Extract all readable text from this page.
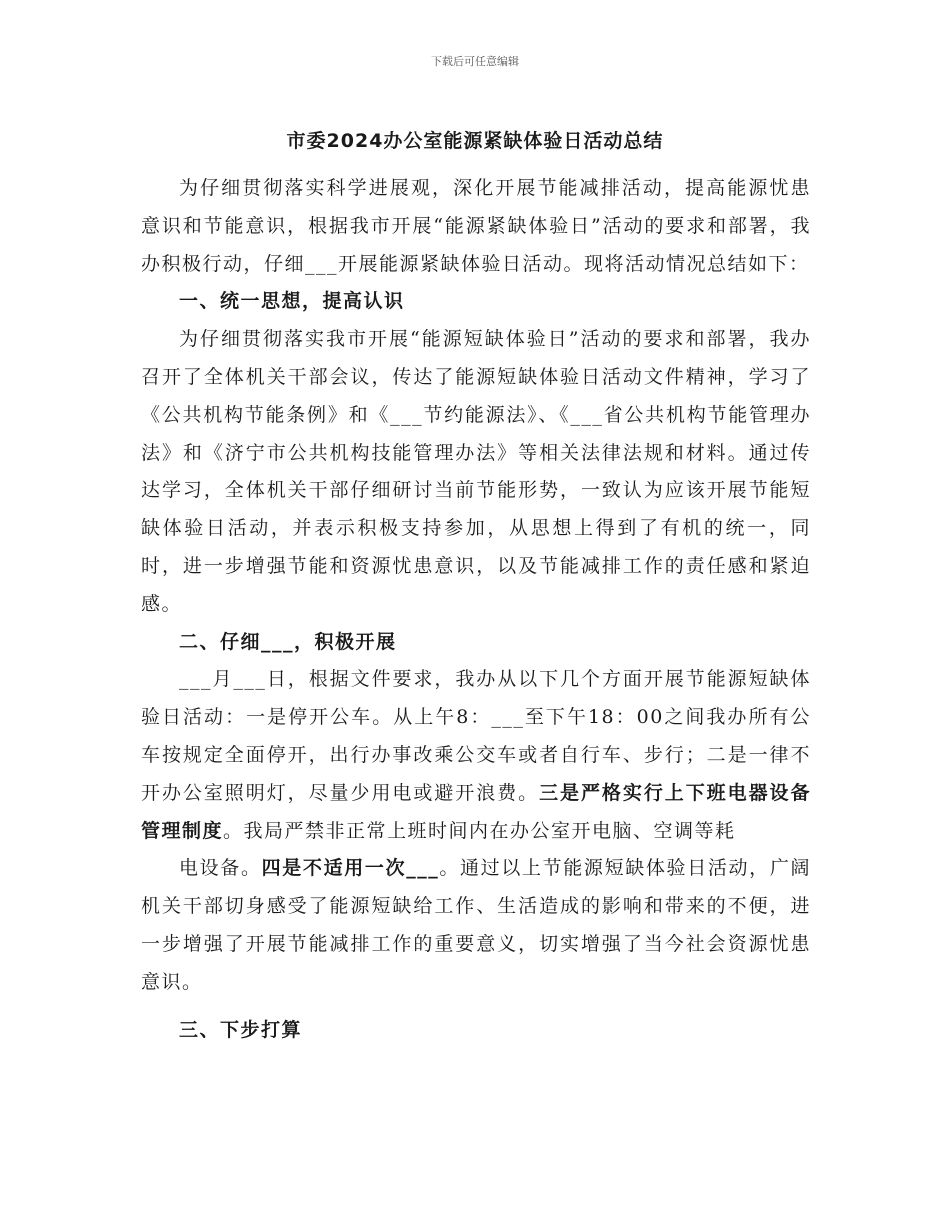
下载后可任意编辑
市委2024办公室能源紧缺体验日活动总结

为仔细贯彻落实科学进展观，深化开展节能减排活动，提高能源忧患意识和节能意识，根据我市开展“能源紧缺体验日”活动的要求和部署，我办积极行动，仔细___开展能源紧缺体验日活动。现将活动情况总结如下：

一、统一思想，提高认识

为仔细贯彻落实我市开展“能源短缺体验日”活动的要求和部署，我办召开了全体机关干部会议，传达了能源短缺体验日活动文件精神，学习了《公共机构节能条例》和《___节约能源法》、《___省公共机构节能管理办法》和《济宁市公共机构技能管理办法》等相关法律法规和材料。通过传达学习，全体机关干部仔细研讨当前节能形势，一致认为应该开展节能短缺体验日活动，并表示积极支持参加，从思想上得到了有机的统一，同时，进一步增强节能和资源忧患意识，以及节能减排工作的责任感和紧迫感。

二、仔细___，积极开展

___月___日，根据文件要求，我办从以下几个方面开展节能源短缺体验日活动：一是停开公车。从上午8：___至下午18：00之间我办所有公车按规定全面停开，出行办事改乘公交车或者自行车、步行；二是一律不开办公室照明灯，尽量少用电或避开浪费。三是严格实行上下班电器设备管理制度。我局严禁非正常上班时间内在办公室开电脑、空调等耗

电设备。四是不适用一次___。通过以上节能源短缺体验日活动，广阔机关干部切身感受了能源短缺给工作、生活造成的影响和带来的不便，进一步增强了开展节能减排工作的重要意义，切实增强了当今社会资源忧患意识。

三、下步打算
